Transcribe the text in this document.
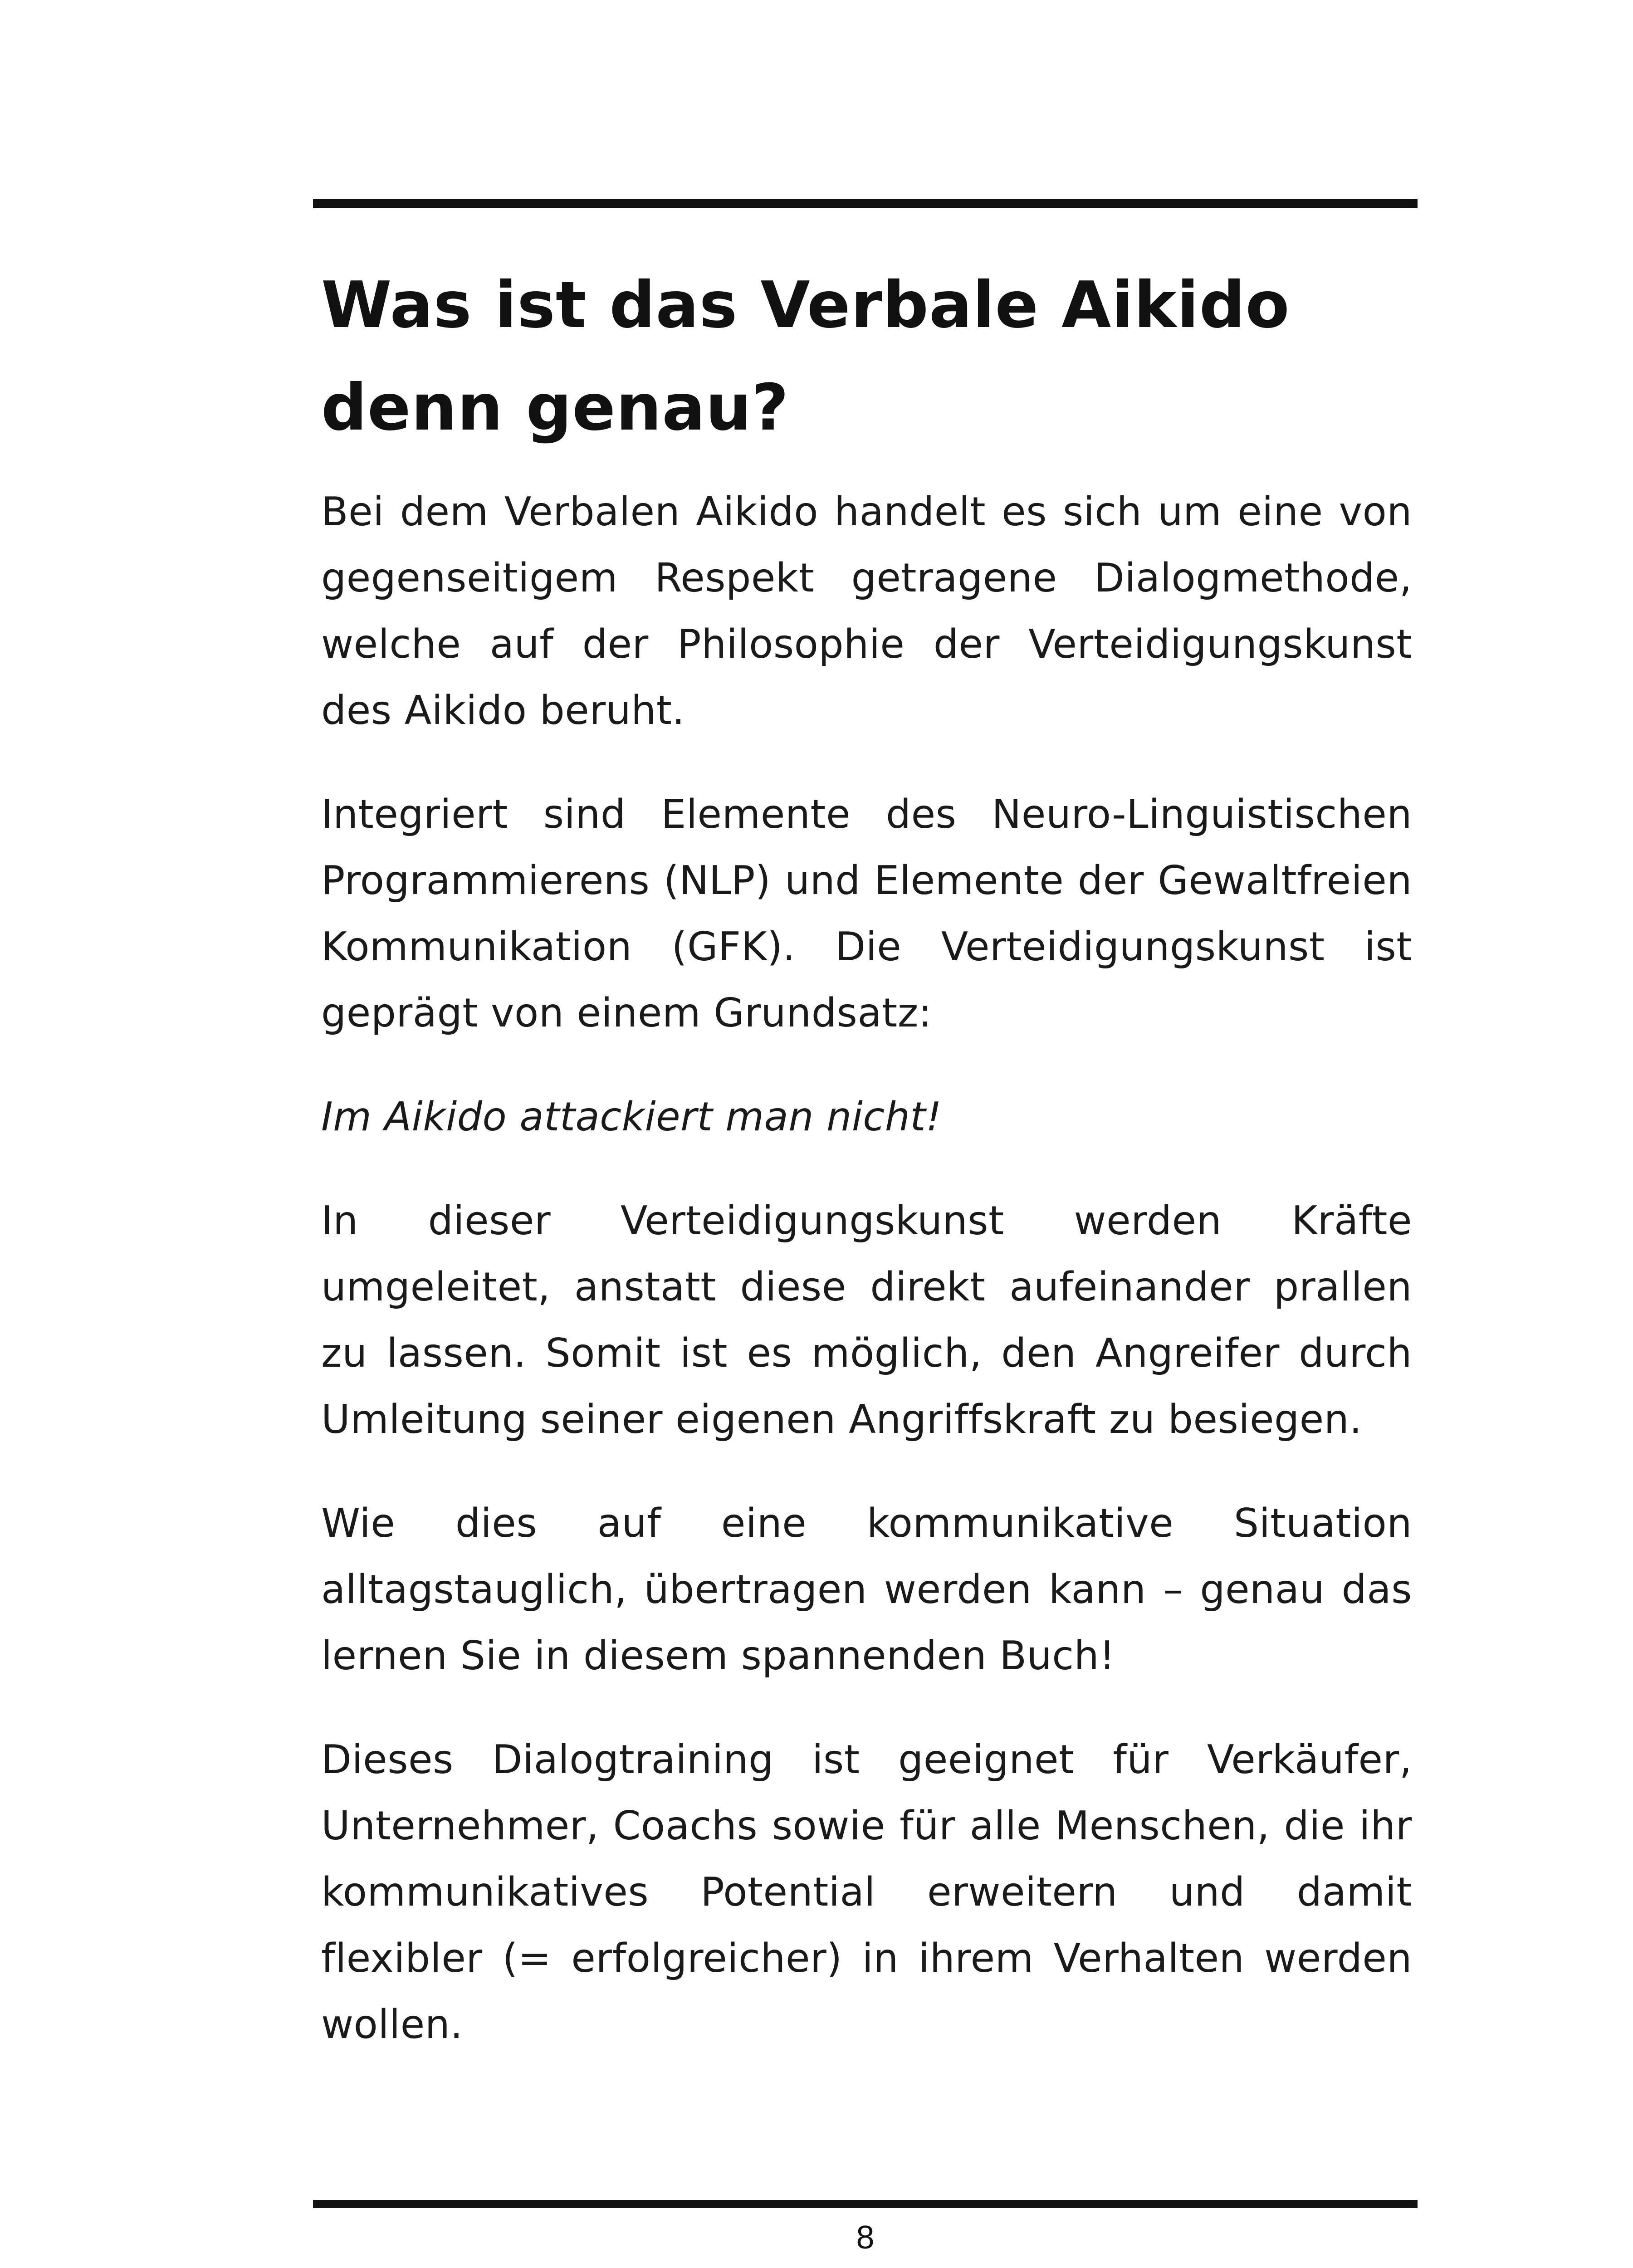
Was ist das Verbale Aikido denn genau?

Bei dem Verbalen Aikido handelt es sich um eine von gegenseitigem Respekt getragene Dialogmethode, welche auf der Philosophie der Verteidigungskunst des Aikido beruht.

Integriert sind Elemente des Neuro-Linguistischen Programmierens (NLP) und Elemente der Gewaltfreien Kommunikation (GFK). Die Verteidigungskunst ist geprägt von einem Grundsatz:

Im Aikido attackiert man nicht!

In dieser Verteidigungskunst werden Kräfte umgeleitet, anstatt diese direkt aufeinander prallen zu lassen. Somit ist es möglich, den Angreifer durch Umleitung seiner eigenen Angriffskraft zu besiegen.

Wie dies auf eine kommunikative Situation alltagstauglich, übertragen werden kann – genau das lernen Sie in diesem spannenden Buch!

Dieses Dialogtraining ist geeignet für Verkäufer, Unternehmer, Coachs sowie für alle Menschen, die ihr kommunikatives Potential erweitern und damit flexibler (= erfolgreicher) in ihrem Verhalten werden wollen.

8
